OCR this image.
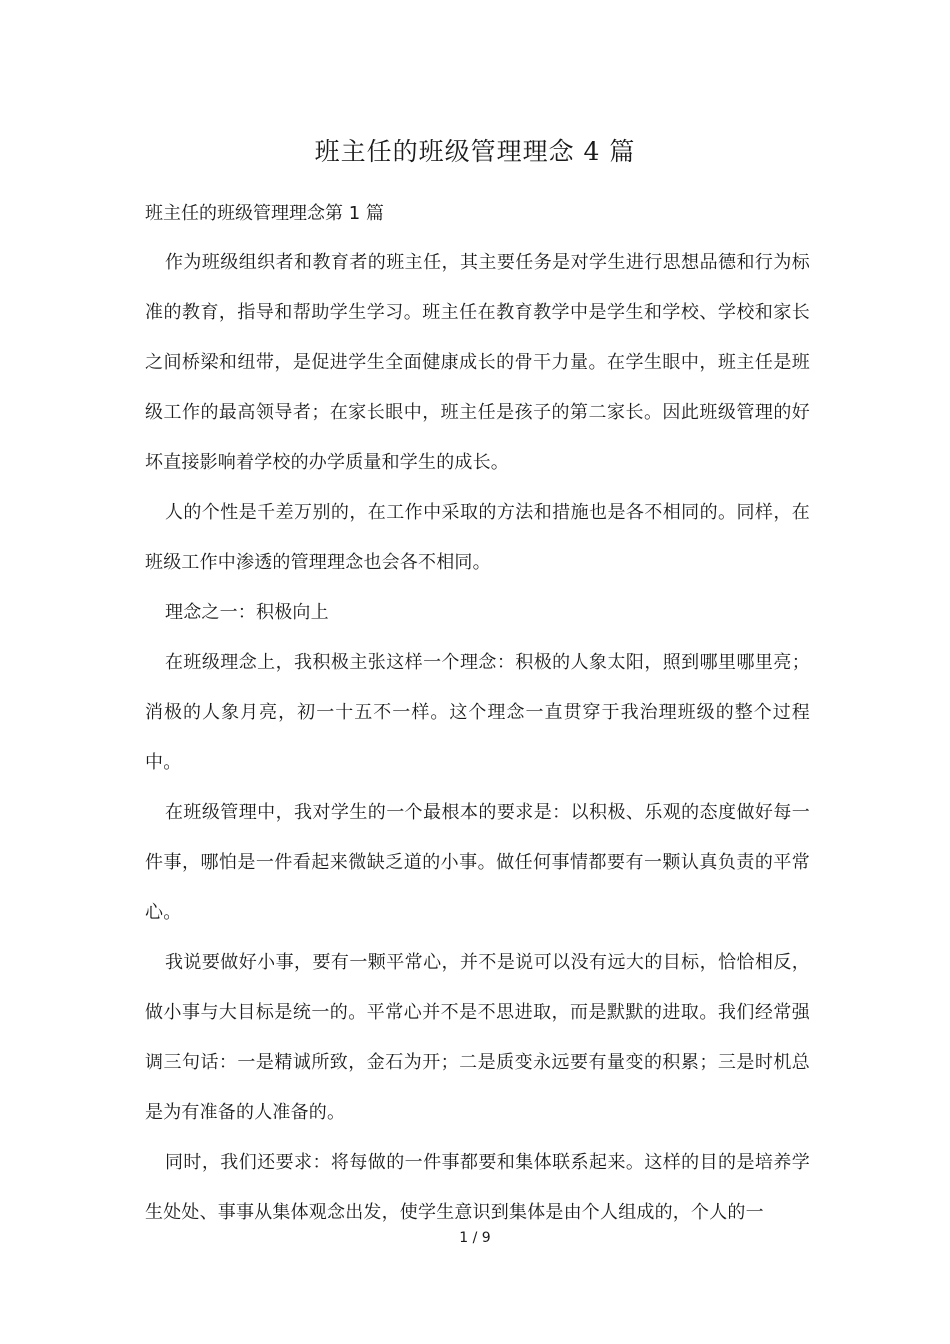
班主任的班级管理理念 4 篇
班主任的班级管理理念第 1 篇

作为班级组织者和教育者的班主任，其主要任务是对学生进行思想品德和行为标准的教育，指导和帮助学生学习。班主任在教育教学中是学生和学校、学校和家长之间桥梁和纽带，是促进学生全面健康成长的骨干力量。在学生眼中，班主任是班级工作的最高领导者；在家长眼中，班主任是孩子的第二家长。因此班级管理的好坏直接影响着学校的办学质量和学生的成长。

人的个性是千差万别的，在工作中采取的方法和措施也是各不相同的。同样，在班级工作中渗透的管理理念也会各不相同。

理念之一：积极向上

在班级理念上，我积极主张这样一个理念：积极的人象太阳，照到哪里哪里亮；消极的人象月亮，初一十五不一样。这个理念一直贯穿于我治理班级的整个过程中。

在班级管理中，我对学生的一个最根本的要求是：以积极、乐观的态度做好每一件事，哪怕是一件看起来微缺乏道的小事。做任何事情都要有一颗认真负责的平常心。

我说要做好小事，要有一颗平常心，并不是说可以没有远大的目标，恰恰相反，做小事与大目标是统一的。平常心并不是不思进取，而是默默的进取。我们经常强调三句话：一是精诚所致，金石为开；二是质变永远要有量变的积累；三是时机总是为有准备的人准备的。

同时，我们还要求：将每做的一件事都要和集体联系起来。这样的目的是培养学生处处、事事从集体观念出发，使学生意识到集体是由个人组成的，个人的一

1 / 9
